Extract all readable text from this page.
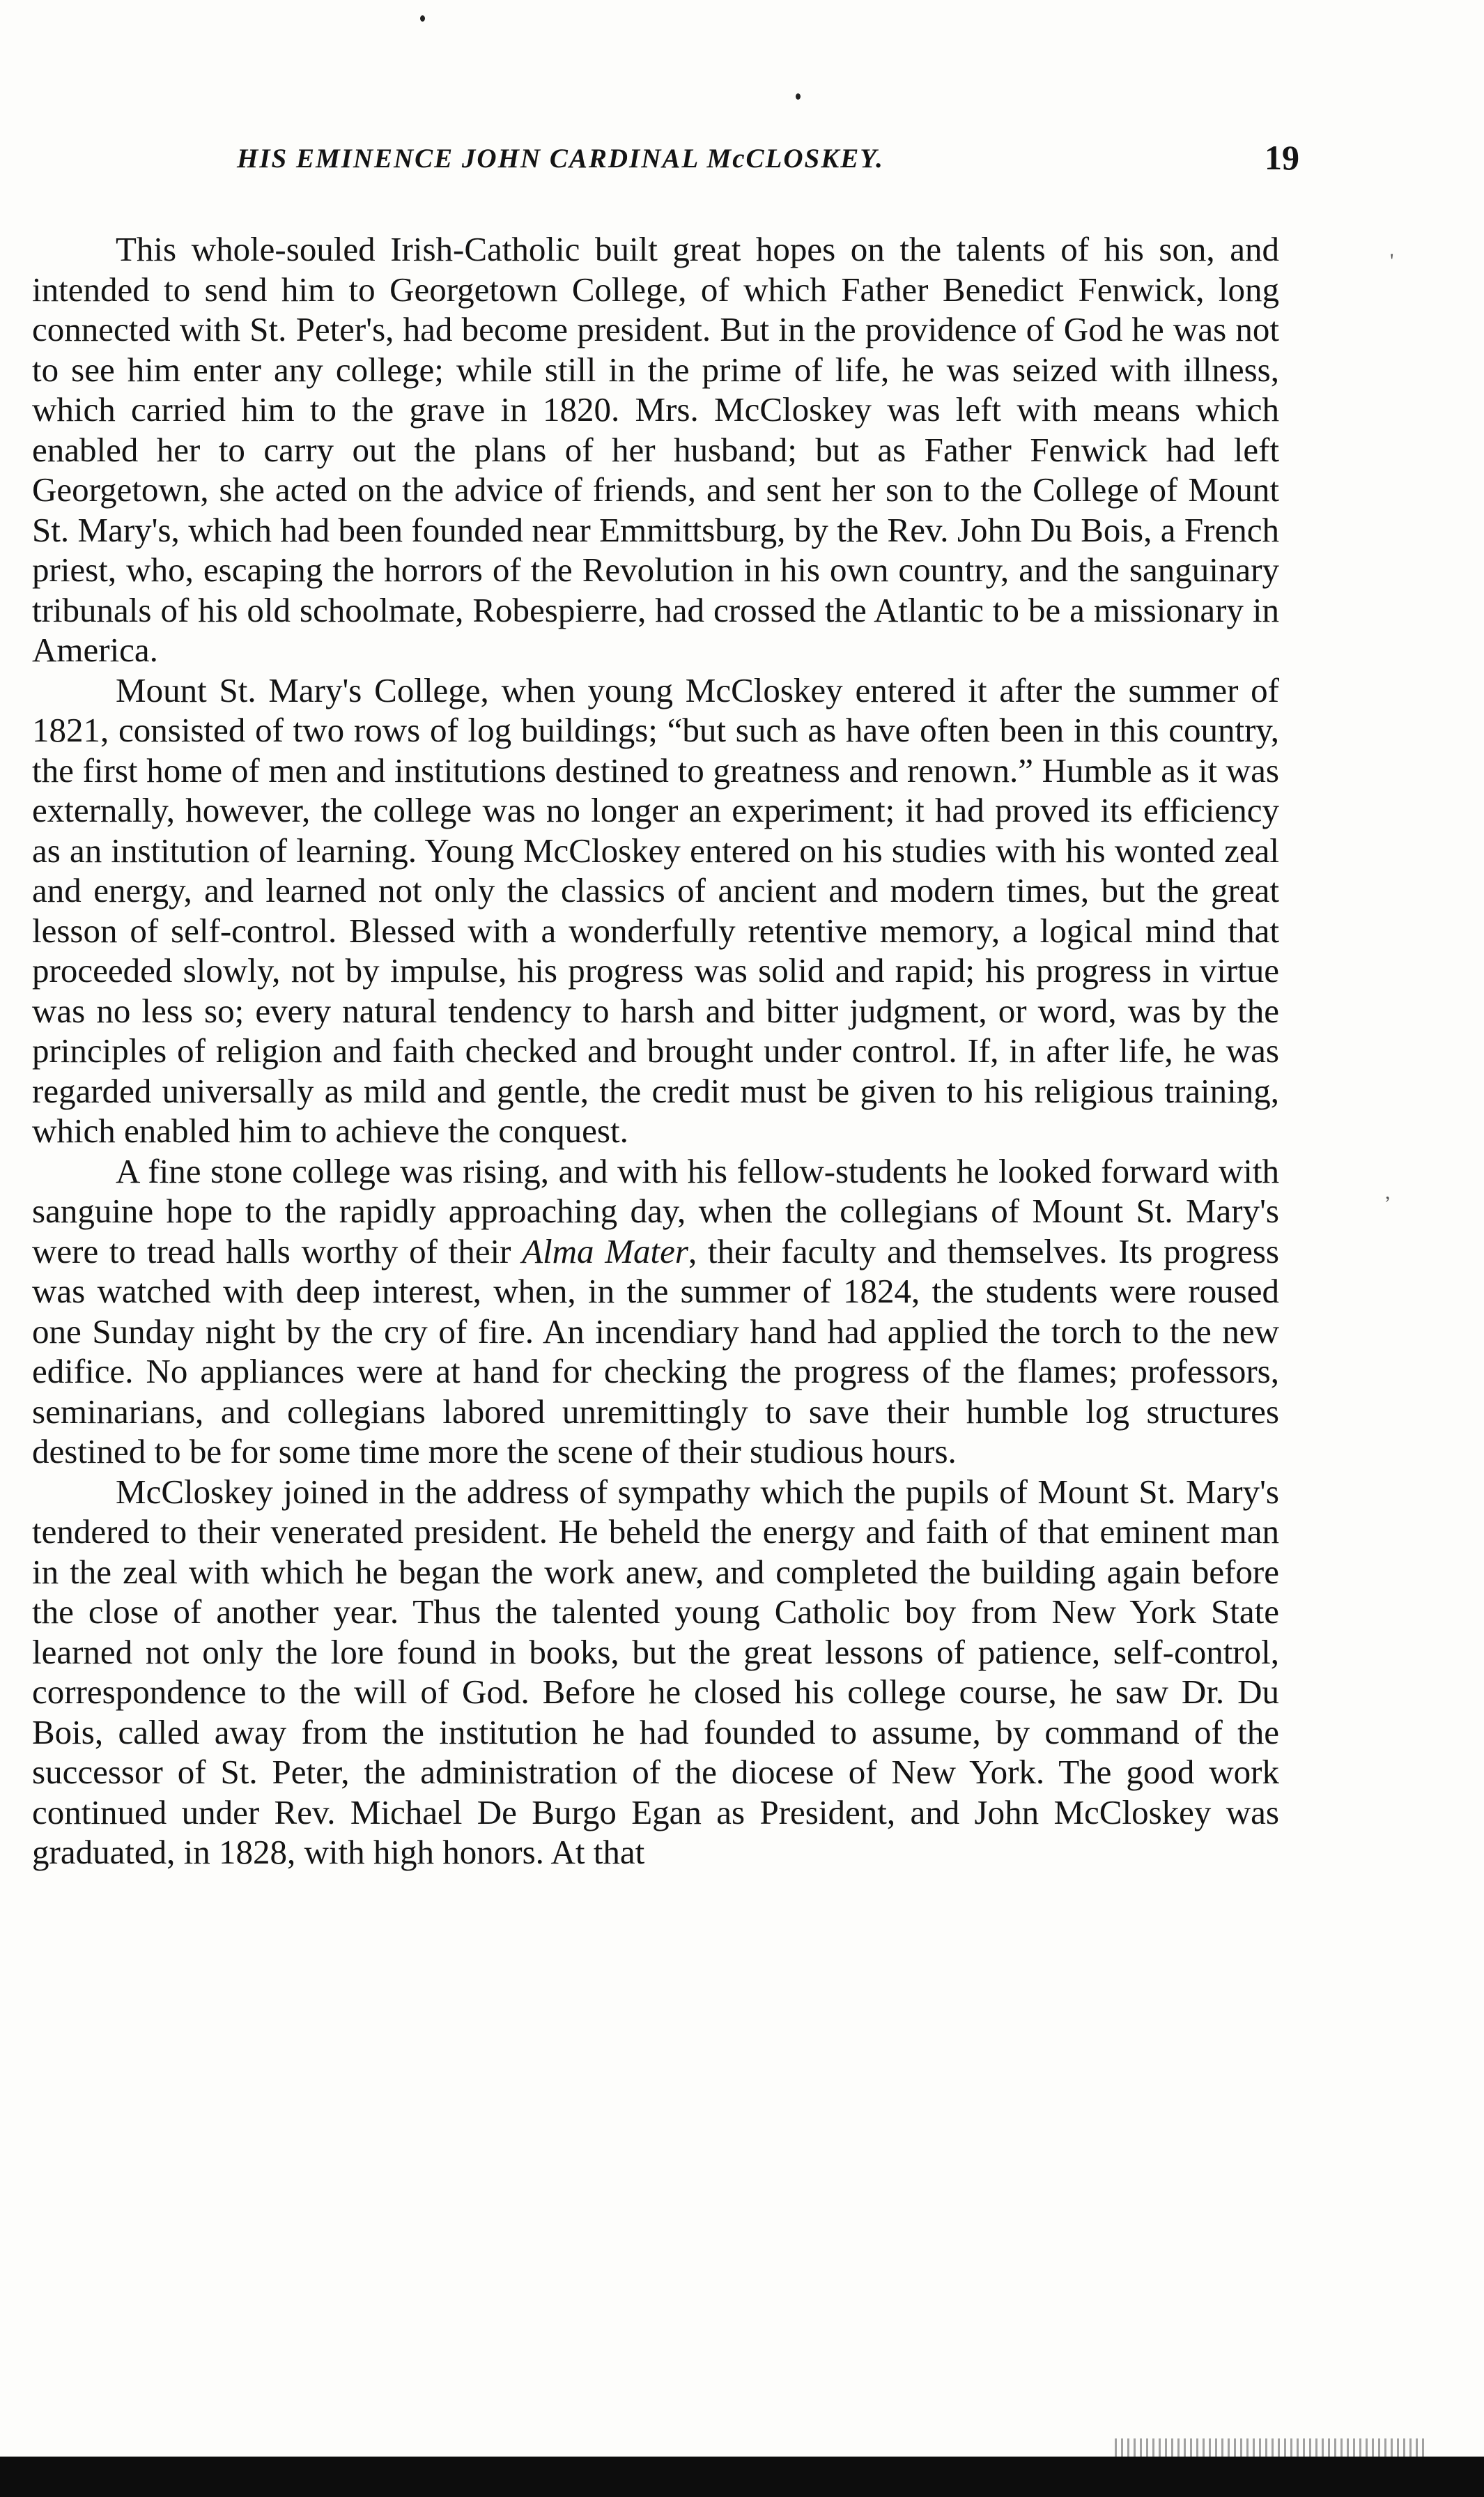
HIS EMINENCE JOHN CARDINAL McCLOSKEY.	19

This whole-souled Irish-Catholic built great hopes on the talents of his son, and intended to send him to Georgetown College, of which Father Benedict Fenwick, long connected with St. Peter's, had become president. But in the providence of God he was not to see him enter any college; while still in the prime of life, he was seized with illness, which carried him to the grave in 1820. Mrs. McCloskey was left with means which enabled her to carry out the plans of her husband; but as Father Fenwick had left Georgetown, she acted on the advice of friends, and sent her son to the College of Mount St. Mary's, which had been founded near Emmittsburg, by the Rev. John Du Bois, a French priest, who, escaping the horrors of the Revolution in his own country, and the sanguinary tribunals of his old schoolmate, Robespierre, had crossed the Atlantic to be a missionary in America.

Mount St. Mary's College, when young McCloskey entered it after the summer of 1821, consisted of two rows of log buildings; “but such as have often been in this country, the first home of men and institutions destined to greatness and renown.” Humble as it was externally, however, the college was no longer an experiment; it had proved its efficiency as an institution of learning. Young McCloskey entered on his studies with his wonted zeal and energy, and learned not only the classics of ancient and modern times, but the great lesson of self-control. Blessed with a wonderfully retentive memory, a logical mind that proceeded slowly, not by impulse, his progress was solid and rapid; his progress in virtue was no less so; every natural tendency to harsh and bitter judgment, or word, was by the principles of religion and faith checked and brought under control. If, in after life, he was regarded universally as mild and gentle, the credit must be given to his religious training, which enabled him to achieve the conquest.

A fine stone college was rising, and with his fellow-students he looked forward with sanguine hope to the rapidly approaching day, when the collegians of Mount St. Mary's were to tread halls worthy of their Alma Mater, their faculty and themselves. Its progress was watched with deep interest, when, in the summer of 1824, the students were roused one Sunday night by the cry of fire. An incendiary hand had applied the torch to the new edifice. No appliances were at hand for checking the progress of the flames; professors, seminarians, and collegians labored unremittingly to save their humble log structures destined to be for some time more the scene of their studious hours.

McCloskey joined in the address of sympathy which the pupils of Mount St. Mary's tendered to their venerated president. He beheld the energy and faith of that eminent man in the zeal with which he began the work anew, and completed the building again before the close of another year. Thus the talented young Catholic boy from New York State learned not only the lore found in books, but the great lessons of patience, self-control, correspondence to the will of God. Before he closed his college course, he saw Dr. Du Bois, called away from the institution he had founded to assume, by command of the successor of St. Peter, the administration of the diocese of New York. The good work continued under Rev. Michael De Burgo Egan as President, and John McCloskey was graduated, in 1828, with high honors. At that

'
,
